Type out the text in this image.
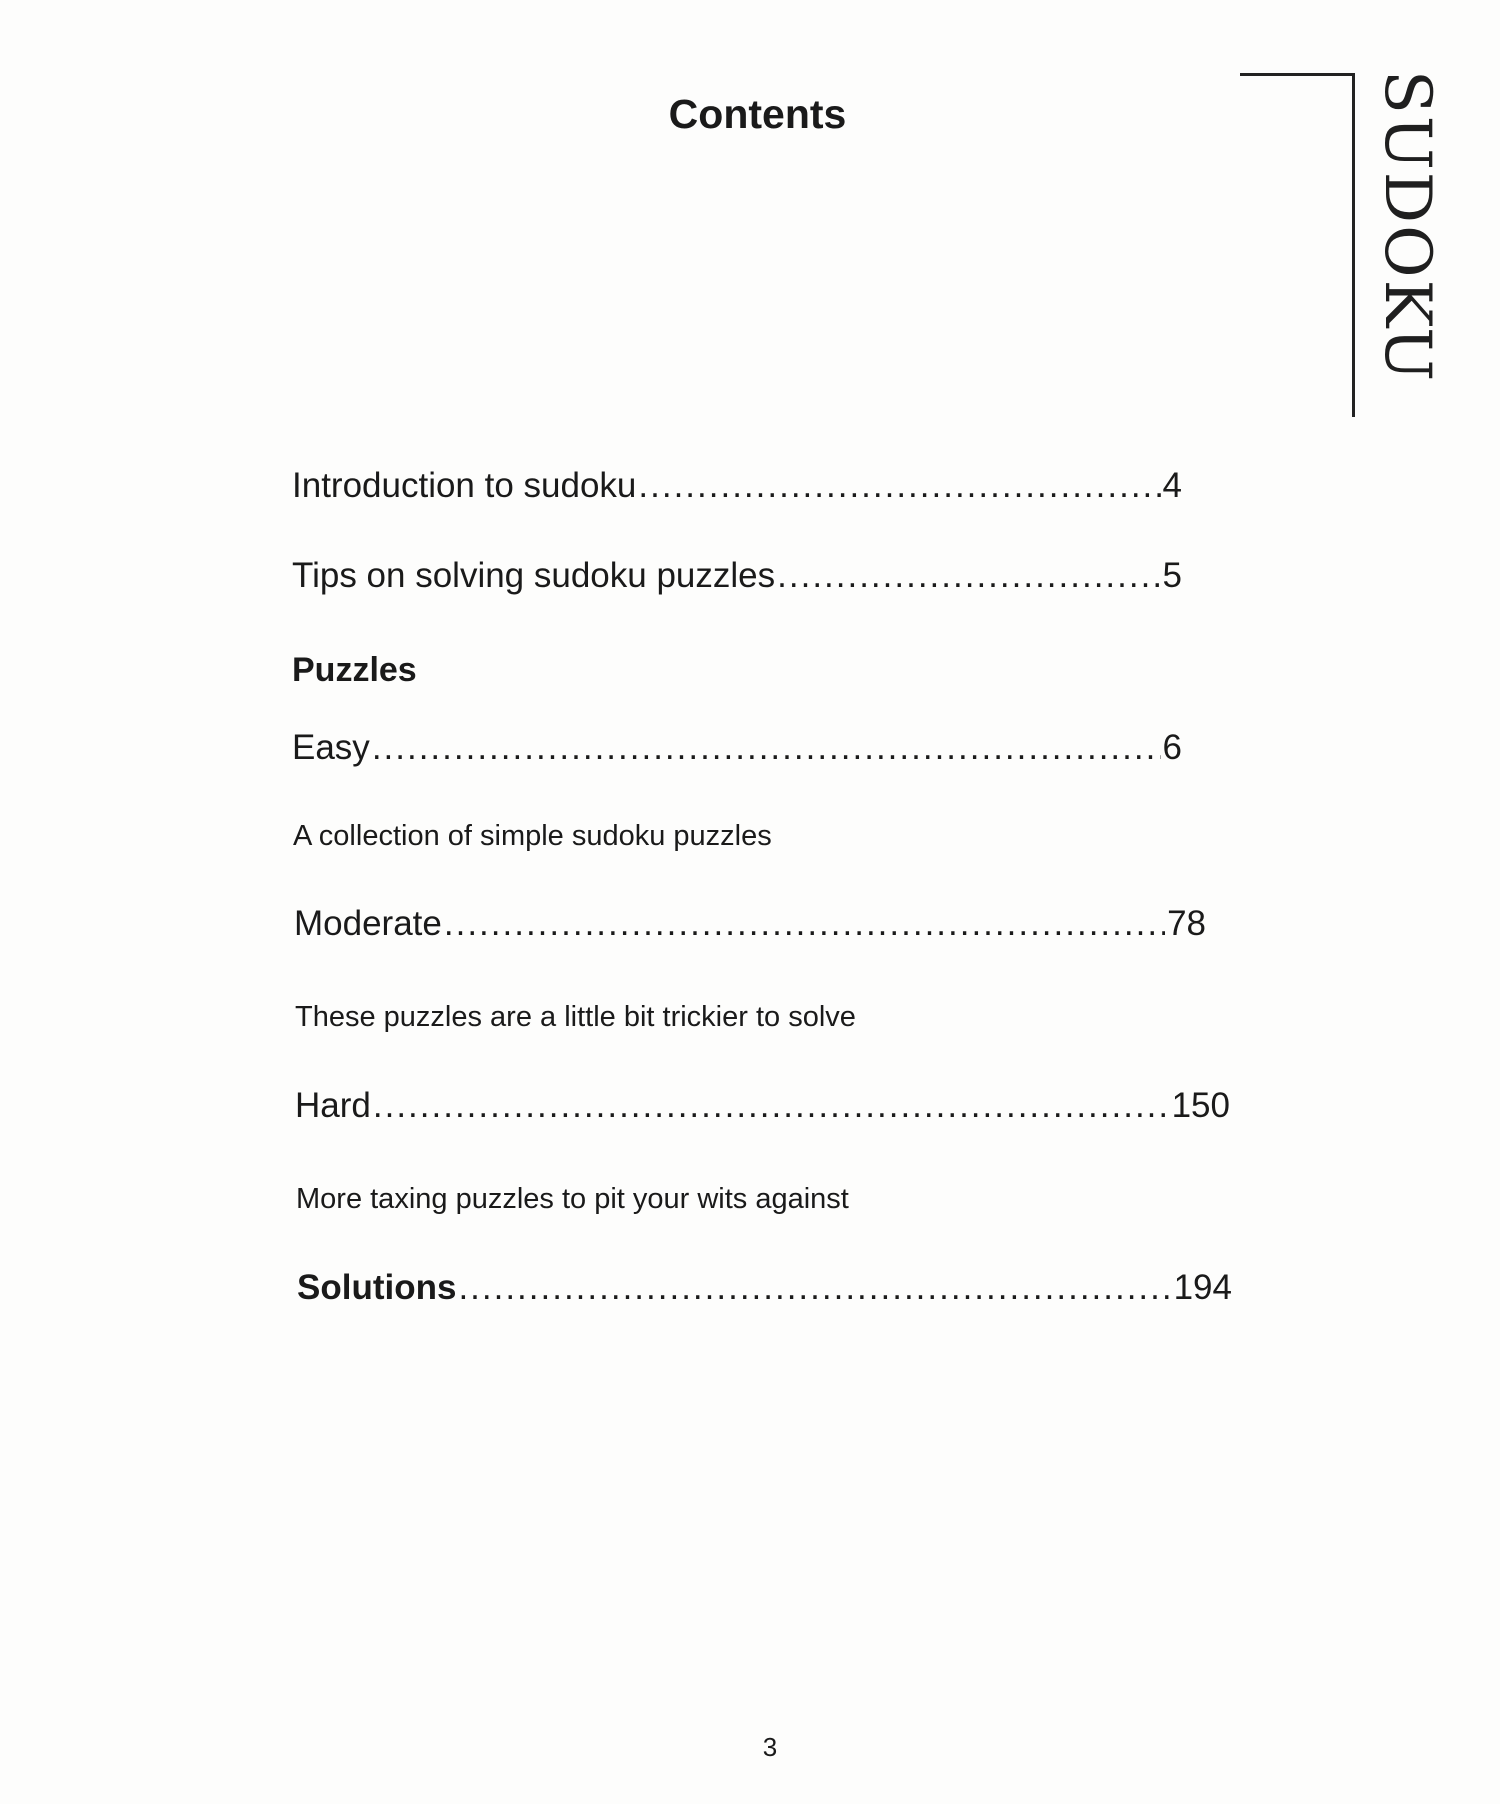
Contents	SUDOKU
Introduction to sudoku .....	4
Tips on solving sudoku puzzles .....	5
Puzzles
Easy .....	6
A collection of simple sudoku puzzles
Moderate .....	78
These puzzles are a little bit trickier to solve
Hard .....	150
More taxing puzzles to pit your wits against
Solutions .....	194
3
